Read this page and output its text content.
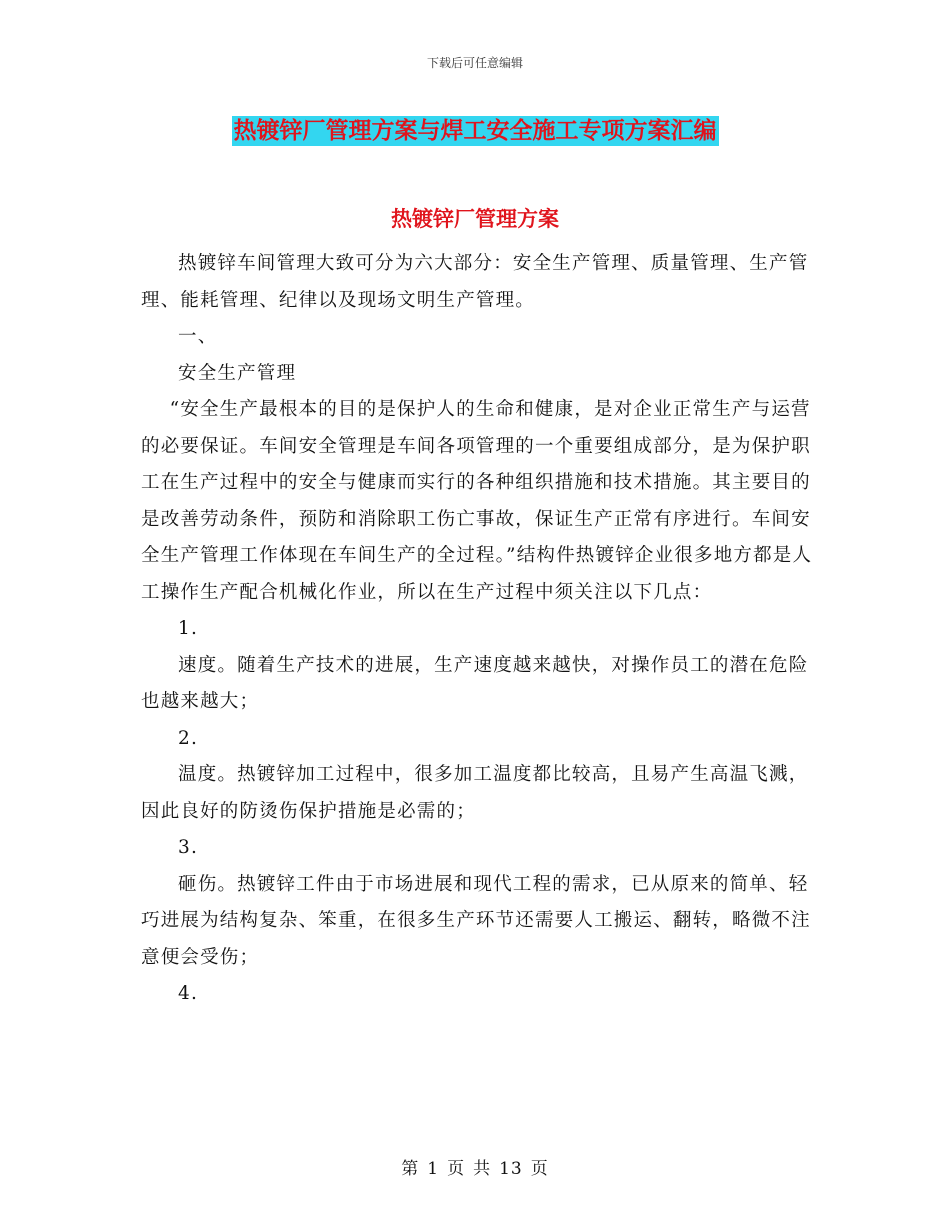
下载后可任意编辑
热镀锌厂管理方案与焊工安全施工专项方案汇编
热镀锌厂管理方案

热镀锌车间管理大致可分为六大部分：安全生产管理、质量管理、生产管理、能耗管理、纪律以及现场文明生产管理。

一、

安全生产管理

“安全生产最根本的目的是保护人的生命和健康，是对企业正常生产与运营的必要保证。车间安全管理是车间各项管理的一个重要组成部分，是为保护职工在生产过程中的安全与健康而实行的各种组织措施和技术措施。其主要目的是改善劳动条件，预防和消除职工伤亡事故，保证生产正常有序进行。车间安全生产管理工作体现在车间生产的全过程。”结构件热镀锌企业很多地方都是人工操作生产配合机械化作业，所以在生产过程中须关注以下几点：

1.

速度。随着生产技术的进展，生产速度越来越快，对操作员工的潜在危险也越来越大；

2.

温度。热镀锌加工过程中，很多加工温度都比较高，且易产生高温飞溅，因此良好的防烫伤保护措施是必需的；

3.

砸伤。热镀锌工件由于市场进展和现代工程的需求，已从原来的简单、轻巧进展为结构复杂、笨重，在很多生产环节还需要人工搬运、翻转，略微不注意便会受伤；

4.

第 1 页 共 13 页
